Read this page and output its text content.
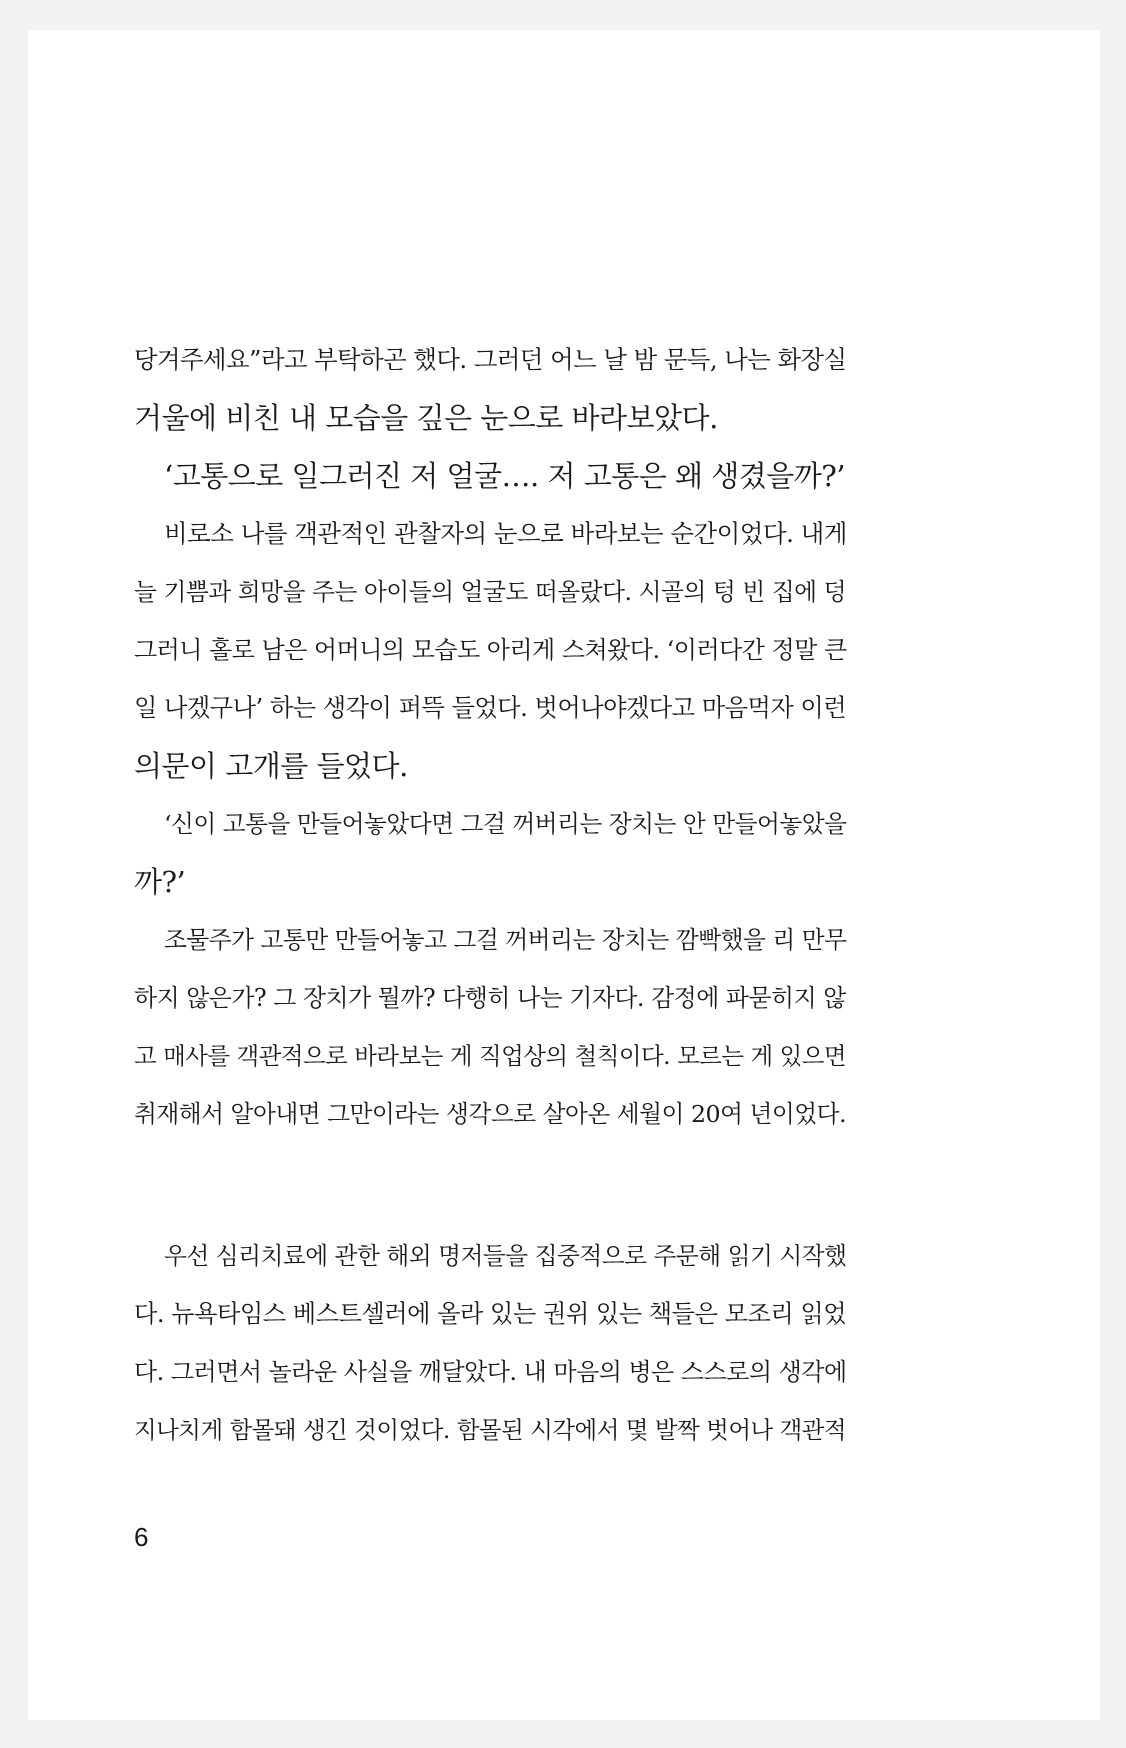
당겨주세요”라고 부탁하곤 했다. 그러던 어느 날 밤 문득, 나는 화장실
거울에 비친 내 모습을 깊은 눈으로 바라보았다.
‘고통으로 일그러진 저 얼굴…. 저 고통은 왜 생겼을까?’
비로소 나를 객관적인 관찰자의 눈으로 바라보는 순간이었다. 내게
늘 기쁨과 희망을 주는 아이들의 얼굴도 떠올랐다. 시골의 텅 빈 집에 덩
그러니 홀로 남은 어머니의 모습도 아리게 스쳐왔다. ‘이러다간 정말 큰
일 나겠구나’ 하는 생각이 퍼뜩 들었다. 벗어나야겠다고 마음먹자 이런
의문이 고개를 들었다.
‘신이 고통을 만들어놓았다면 그걸 꺼버리는 장치는 안 만들어놓았을
까?’
조물주가 고통만 만들어놓고 그걸 꺼버리는 장치는 깜빡했을 리 만무
하지 않은가? 그 장치가 뭘까? 다행히 나는 기자다. 감정에 파묻히지 않
고 매사를 객관적으로 바라보는 게 직업상의 철칙이다. 모르는 게 있으면
취재해서 알아내면 그만이라는 생각으로 살아온 세월이 20여 년이었다.
우선 심리치료에 관한 해외 명저들을 집중적으로 주문해 읽기 시작했
다. 뉴욕타임스 베스트셀러에 올라 있는 권위 있는 책들은 모조리 읽었
다. 그러면서 놀라운 사실을 깨달았다. 내 마음의 병은 스스로의 생각에
지나치게 함몰돼 생긴 것이었다. 함몰된 시각에서 몇 발짝 벗어나 객관적
6
